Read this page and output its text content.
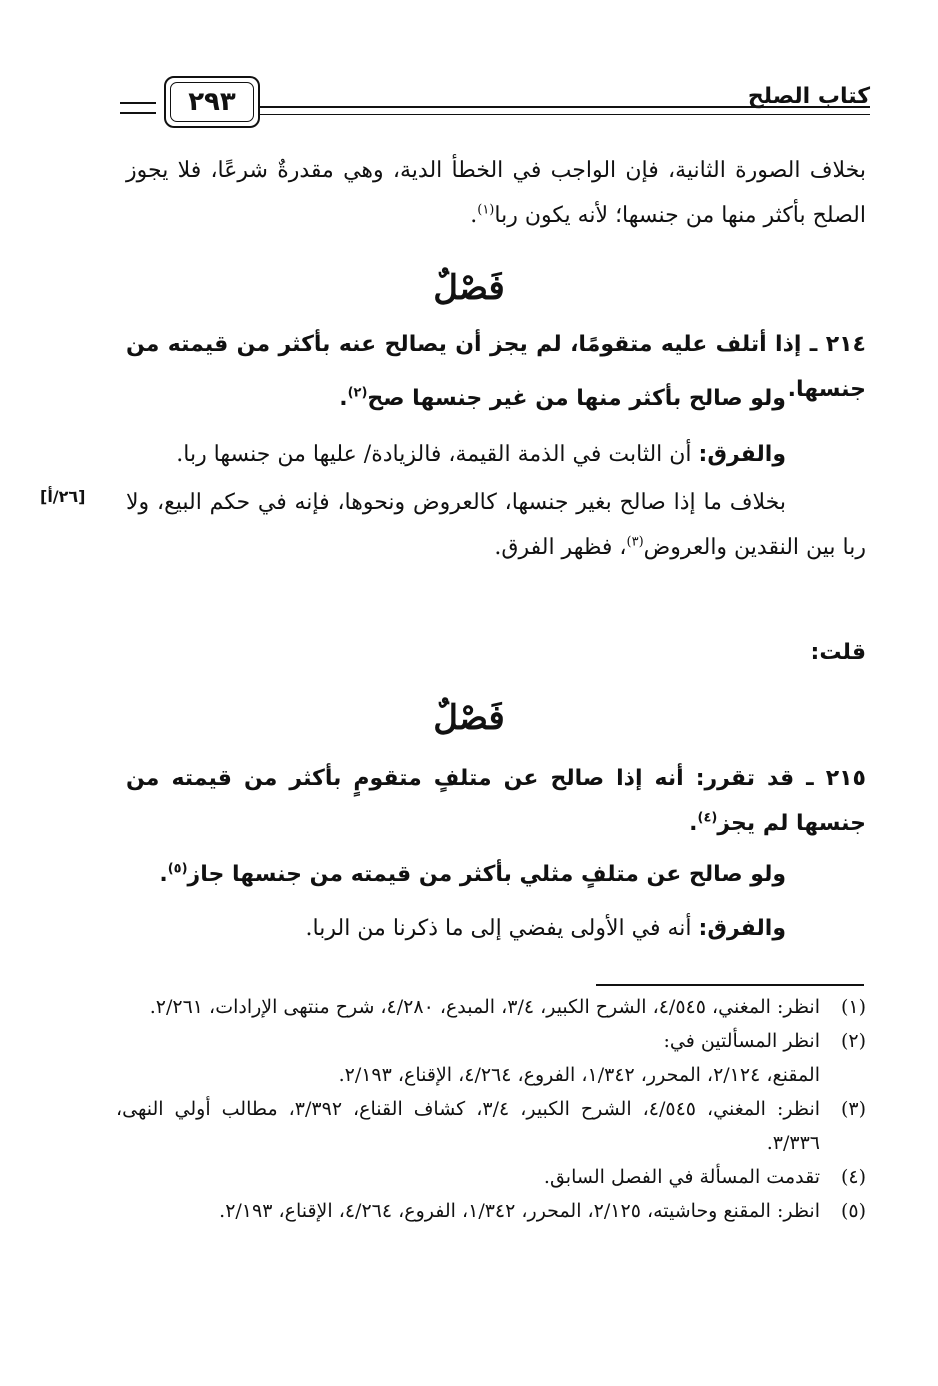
كتاب الصلح
٢٩٣
بخلاف الصورة الثانية، فإن الواجب في الخطأ الدية، وهي مقدرةٌ شرعًا، فلا يجوز الصلح بأكثر منها من جنسها؛ لأنه يكون ربا$^{(١)}$.
فَصْلٌ
٢١٤ ـ إذا أتلف عليه متقومًا، لم يجز أن يصالح عنه بأكثر من قيمته من جنسها.
ولو صالح بأكثر منها من غير جنسها صح$^{(٢)}$.
والفرق: أن الثابت في الذمة القيمة، فالزيادة/ عليها من جنسها ربا.
[٢٦/أ] بخلاف ما إذا صالح بغير جنسها، كالعروض ونحوها، فإنه في حكم البيع، ولا ربا بين النقدين والعروض$^{(٣)}$، فظهر الفرق.
قلت:
فَصْلٌ
٢١٥ ـ قد تقرر: أنه إذا صالح عن متلفٍ متقومٍ بأكثر من قيمته من جنسها لم يجز$^{(٤)}$.
ولو صالح عن متلفٍ مثلي بأكثر من قيمته من جنسها جاز$^{(٥)}$.
والفرق: أنه في الأولى يفضي إلى ما ذكرنا من الربا.
(١)
انظر: المغني، ٤/٥٤٥، الشرح الكبير، ٣/٤، المبدع، ٤/٢٨٠، شرح منتهى الإرادات، ٢/٢٦١.
(٢)
انظر المسألتين في:
المقنع، ٢/١٢٤، المحرر، ١/٣٤٢، الفروع، ٤/٢٦٤، الإقناع، ٢/١٩٣.
(٣)
انظر: المغني، ٤/٥٤٥، الشرح الكبير، ٣/٤، كشاف القناع، ٣/٣٩٢، مطالب أولي النهى، ٣/٣٣٦.
(٤)
تقدمت المسألة في الفصل السابق.
(٥)
انظر: المقنع وحاشيته، ٢/١٢٥، المحرر، ١/٣٤٢، الفروع، ٤/٢٦٤، الإقناع، ٢/١٩٣.
